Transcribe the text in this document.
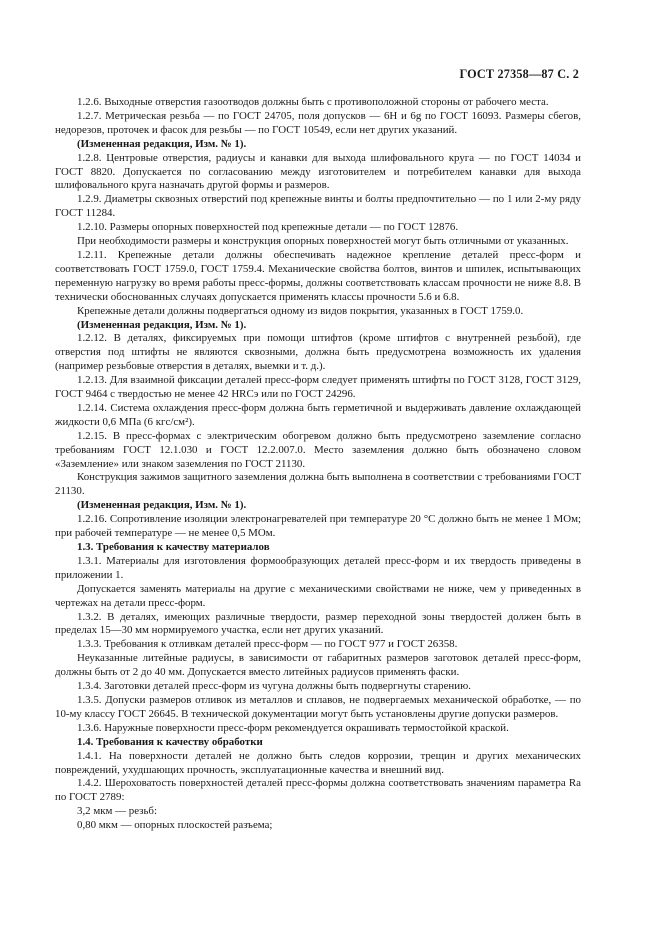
ГОСТ 27358—87 С. 2

1.2.6. Выходные отверстия газоотводов должны быть с противоположной стороны от рабочего места.

1.2.7. Метрическая резьба — по ГОСТ 24705, поля допусков — 6H и 6g по ГОСТ 16093. Размеры сбегов, недорезов, проточек и фасок для резьбы — по ГОСТ 10549, если нет других указаний.

(Измененная редакция, Изм. № 1).

1.2.8. Центровые отверстия, радиусы и канавки для выхода шлифовального круга — по ГОСТ 14034 и ГОСТ 8820. Допускается по согласованию между изготовителем и потребителем канавки для выхода шлифовального круга назначать другой формы и размеров.

1.2.9. Диаметры сквозных отверстий под крепежные винты и болты предпочтительно — по 1 или 2-му ряду ГОСТ 11284.

1.2.10. Размеры опорных поверхностей под крепежные детали — по ГОСТ 12876.

При необходимости размеры и конструкция опорных поверхностей могут быть отличными от указанных.

1.2.11. Крепежные детали должны обеспечивать надежное крепление деталей пресс-форм и соответствовать ГОСТ 1759.0, ГОСТ 1759.4. Механические свойства болтов, винтов и шпилек, испытывающих переменную нагрузку во время работы пресс-формы, должны соответствовать классам прочности не ниже 8.8. В технически обоснованных случаях допускается применять классы прочности 5.6 и 6.8.

Крепежные детали должны подвергаться одному из видов покрытия, указанных в ГОСТ 1759.0.

(Измененная редакция, Изм. № 1).

1.2.12. В деталях, фиксируемых при помощи штифтов (кроме штифтов с внутренней резьбой), где отверстия под штифты не являются сквозными, должна быть предусмотрена возможность их удаления (например резьбовые отверстия в деталях, выемки и т. д.).

1.2.13. Для взаимной фиксации деталей пресс-форм следует применять штифты по ГОСТ 3128, ГОСТ 3129, ГОСТ 9464 с твердостью не менее 42 HRCэ или по ГОСТ 24296.

1.2.14. Система охлаждения пресс-форм должна быть герметичной и выдерживать давление охлаждающей жидкости 0,6 МПа (6 кгс/см²).

1.2.15. В пресс-формах с электрическим обогревом должно быть предусмотрено заземление согласно требованиям ГОСТ 12.1.030 и ГОСТ 12.2.007.0. Место заземления должно быть обозначено словом «Заземление» или знаком заземления по ГОСТ 21130.

Конструкция зажимов защитного заземления должна быть выполнена в соответствии с требованиями ГОСТ 21130.

(Измененная редакция, Изм. № 1).

1.2.16. Сопротивление изоляции электронагревателей при температуре 20 °С должно быть не менее 1 МОм; при рабочей температуре — не менее 0,5 МОм.

1.3. Требования к качеству материалов

1.3.1. Материалы для изготовления формообразующих деталей пресс-форм и их твердость приведены в приложении 1.

Допускается заменять материалы на другие с механическими свойствами не ниже, чем у приведенных в чертежах на детали пресс-форм.

1.3.2. В деталях, имеющих различные твердости, размер переходной зоны твердостей должен быть в пределах 15—30 мм нормируемого участка, если нет других указаний.

1.3.3. Требования к отливкам деталей пресс-форм — по ГОСТ 977 и ГОСТ 26358.

Неуказанные литейные радиусы, в зависимости от габаритных размеров заготовок деталей пресс-форм, должны быть от 2 до 40 мм. Допускается вместо литейных радиусов применять фаски.

1.3.4. Заготовки деталей пресс-форм из чугуна должны быть подвергнуты старению.

1.3.5. Допуски размеров отливок из металлов и сплавов, не подвергаемых механической обработке, — по 10-му классу ГОСТ 26645. В технической документации могут быть установлены другие допуски размеров.

1.3.6. Наружные поверхности пресс-форм рекомендуется окрашивать термостойкой краской.

1.4. Требования к качеству обработки

1.4.1. На поверхности деталей не должно быть следов коррозии, трещин и других механических повреждений, ухудшающих прочность, эксплуатационные качества и внешний вид.

1.4.2. Шероховатость поверхностей деталей пресс-формы должна соответствовать значениям параметра Ra по ГОСТ 2789:

3,2 мкм — резьб:

0,80 мкм — опорных плоскостей разъема;
